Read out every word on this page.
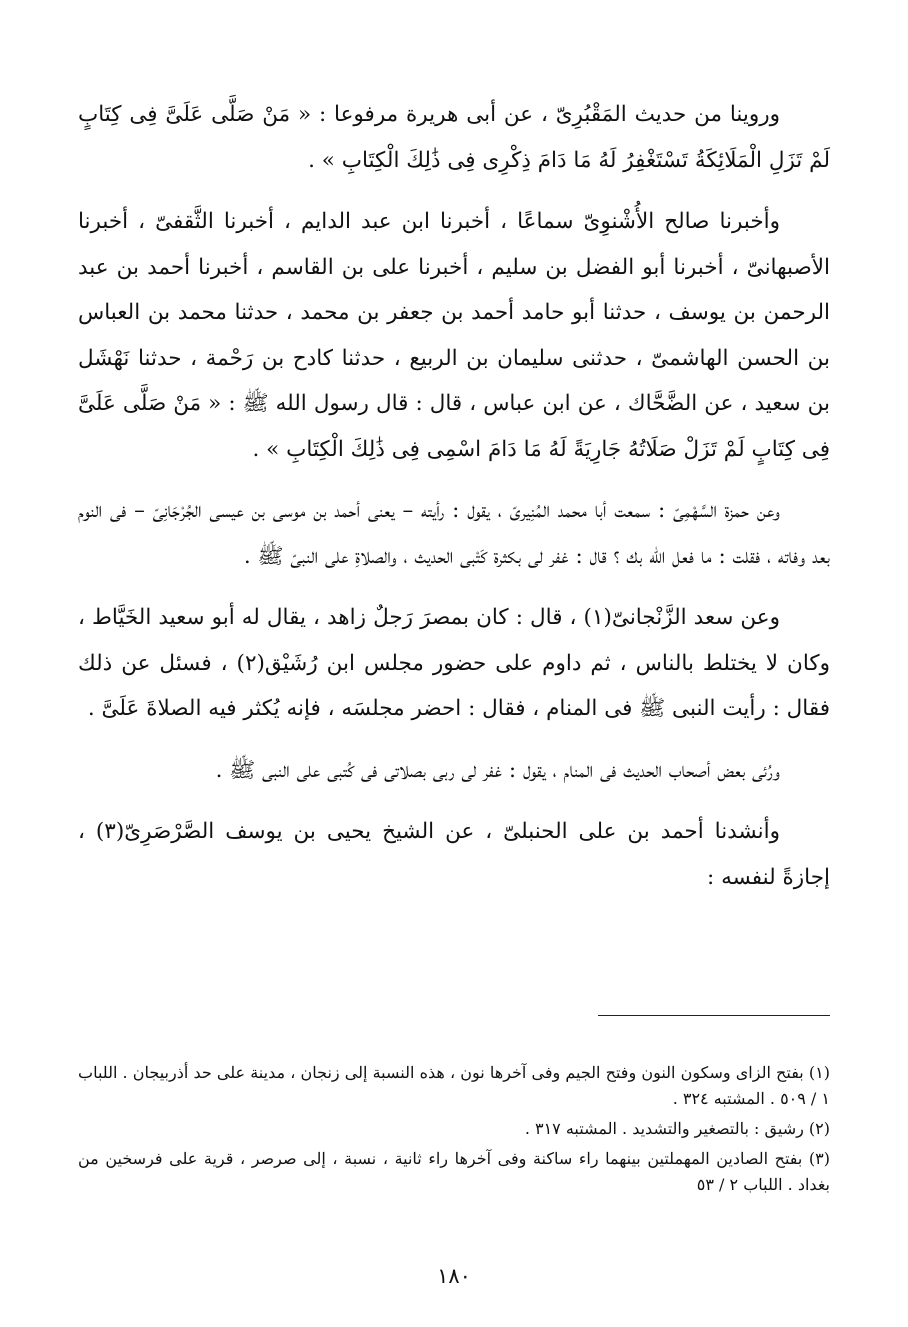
وروينا من حديث المَقْبُرِىّ ، عن أبى هريرة مرفوعا : « مَنْ صَلَّى عَلَىَّ فِى كِتَابٍ لَمْ تَزَلِ الْمَلَائِكَةُ تَسْتَغْفِرُ لَهُ مَا دَامَ ذِكْرِى فِى ذَٰلِكَ الْكِتَابِ » .

وأخبرنا صالح الأُشْنوِىّ سماعًا ، أخبرنا ابن عبد الدايم ، أخبرنا الثَّقفىّ ، أخبرنا الأصبهانىّ ، أخبرنا أبو الفضل بن سليم ، أخبرنا على بن القاسم ، أخبرنا أحمد بن عبد الرحمن بن يوسف ، حدثنا أبو حامد أحمد بن جعفر بن محمد ، حدثنا محمد بن العباس بن الحسن الهاشمىّ ، حدثنى سليمان بن الربيع ، حدثنا كادح بن رَحْمة ، حدثنا نَهْشَل بن سعيد ، عن الضَّحَّاك ، عن ابن عباس ، قال : قال رسول الله ﷺ : « مَنْ صَلَّى عَلَىَّ فِى كِتَابٍ لَمْ تَزَلْ صَلَاتُهُ جَارِيَةً لَهُ مَا دَامَ اسْمِى فِى ذَٰلِكَ الْكِتَابِ » .

وعن حمزة السَّهْمِىّ : سمعت أبا محمد المُنِيرىّ ، يقول : رأيته – يعنى أحمد بن موسى بن عيسى الجُرْجَانِىّ – فى النوم بعد وفاته ، فقلت : ما فعل الله بك ؟ قال : غفر لى بكثرة كَتْبى الحديث ، والصلاةِ على النبىّ ﷺ .

وعن سعد الزَّنْجانىّ(١) ، قال : كان بمصرَ رَجلٌ زاهد ، يقال له أبو سعيد الخَيَّاط ، وكان لا يختلط بالناس ، ثم داوم على حضور مجلس ابن رُشَيْق(٢) ، فسئل عن ذلك فقال : رأيت النبى ﷺ فى المنام ، فقال : احضر مجلسَه ، فإنه يُكثر فيه الصلاةَ عَلَىَّ .

ورُئى بعض أصحاب الحديث فى المنام ، يقول : غفر لى ربى بصلاتى فى كُتبى على النبى ﷺ .

وأنشدنا أحمد بن على الحنبلىّ ، عن الشيخ يحيى بن يوسف الصَّرْصَرِىّ(٣) ، إجازةً لنفسه :

(١) بفتح الزاى وسكون النون وفتح الجيم وفى آخرها نون ، هذه النسبة إلى زنجان ، مدينة على حد أذربيجان . اللباب ١ / ٥٠٩ . المشتبه ٣٢٤ .

(٢) رشيق : بالتصغير والتشديد . المشتبه ٣١٧ .

(٣) بفتح الصادين المهملتين بينهما راء ساكنة وفى آخرها راء ثانية ، نسبة ، إلى صرصر ، قرية على فرسخين من بغداد . اللباب ٢ / ٥٣

١٨٠
